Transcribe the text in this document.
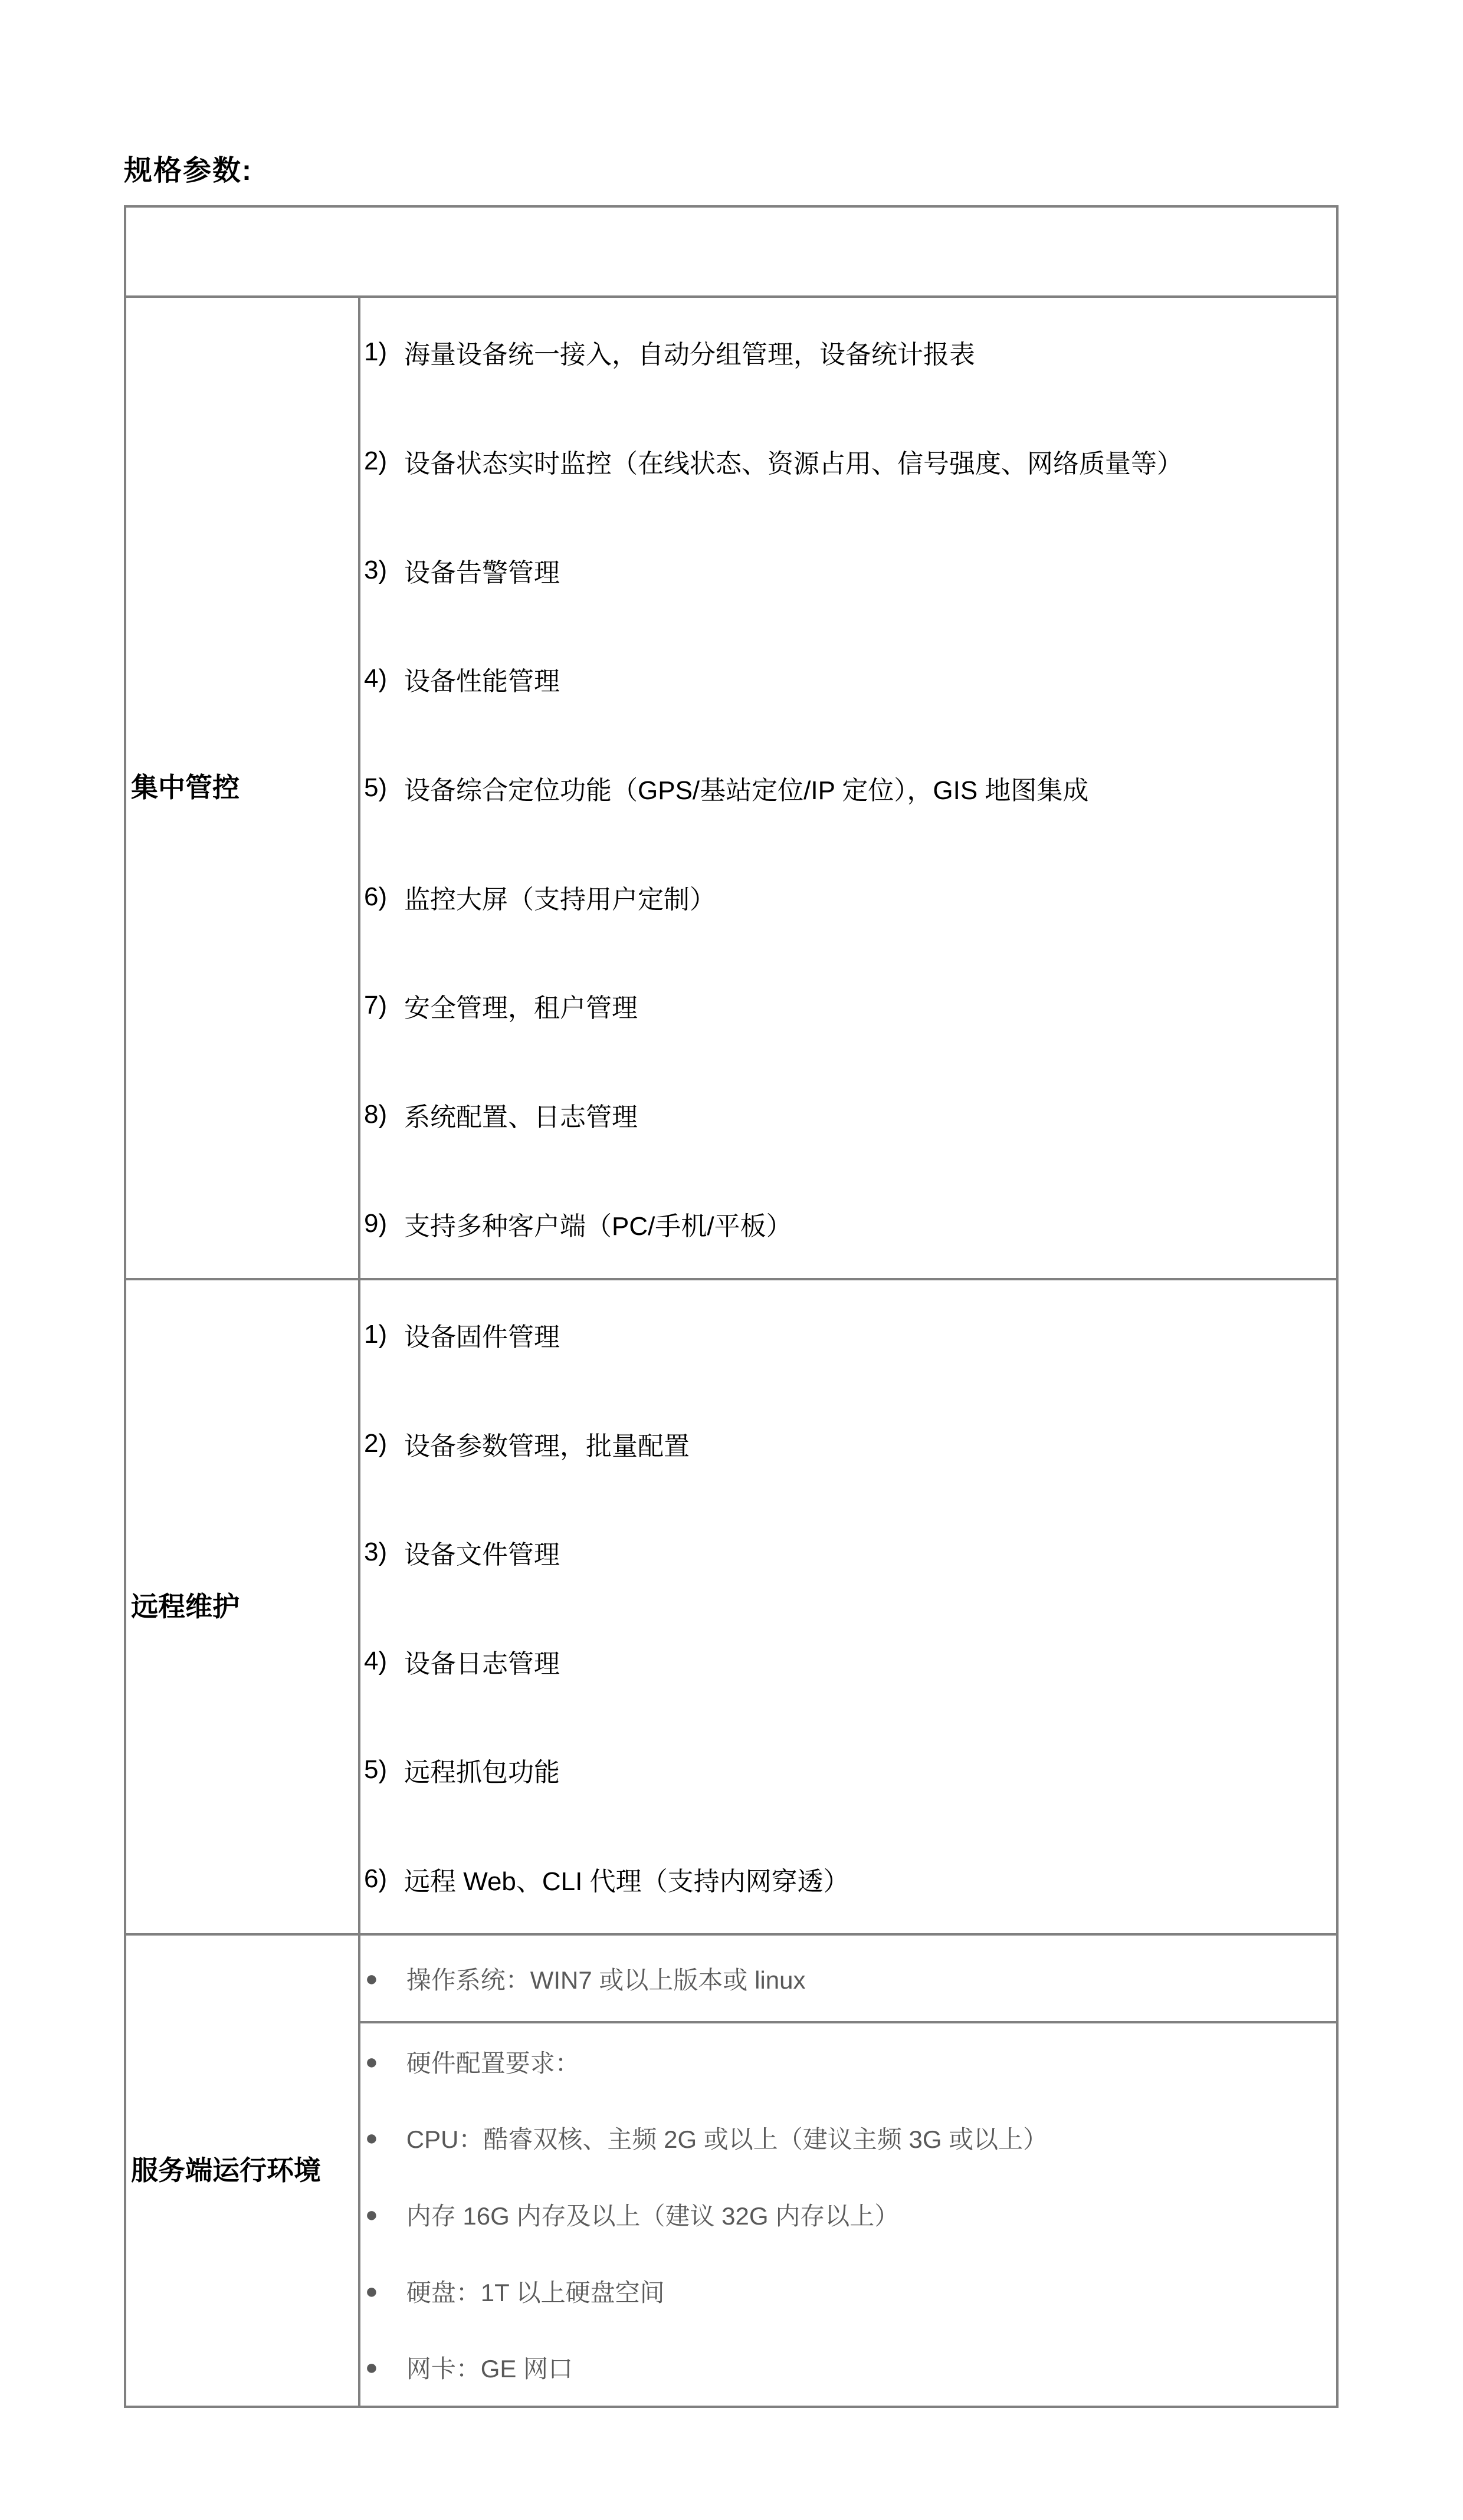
规格参数:
集中管控
1) 海量设备统一接入，自动分组管理，设备统计报表
2) 设备状态实时监控（在线状态、资源占用、信号强度、网络质量等）
3) 设备告警管理
4) 设备性能管理
5) 设备综合定位功能（GPS/基站定位/IP 定位），GIS 地图集成
6) 监控大屏（支持用户定制）
7) 安全管理，租户管理
8) 系统配置、日志管理
9) 支持多种客户端（PC/手机/平板）
远程维护
1) 设备固件管理
2) 设备参数管理，批量配置
3) 设备文件管理
4) 设备日志管理
5) 远程抓包功能
6) 远程 Web、CLI 代理（支持内网穿透）
服务端运行环境
● 操作系统：WIN7 或以上版本或 linux
● 硬件配置要求：
● CPU：酷睿双核、主频 2G 或以上（建议主频 3G 或以上）
● 内存 16G 内存及以上（建议 32G 内存以上）
● 硬盘：1T 以上硬盘空间
● 网卡：GE 网口
